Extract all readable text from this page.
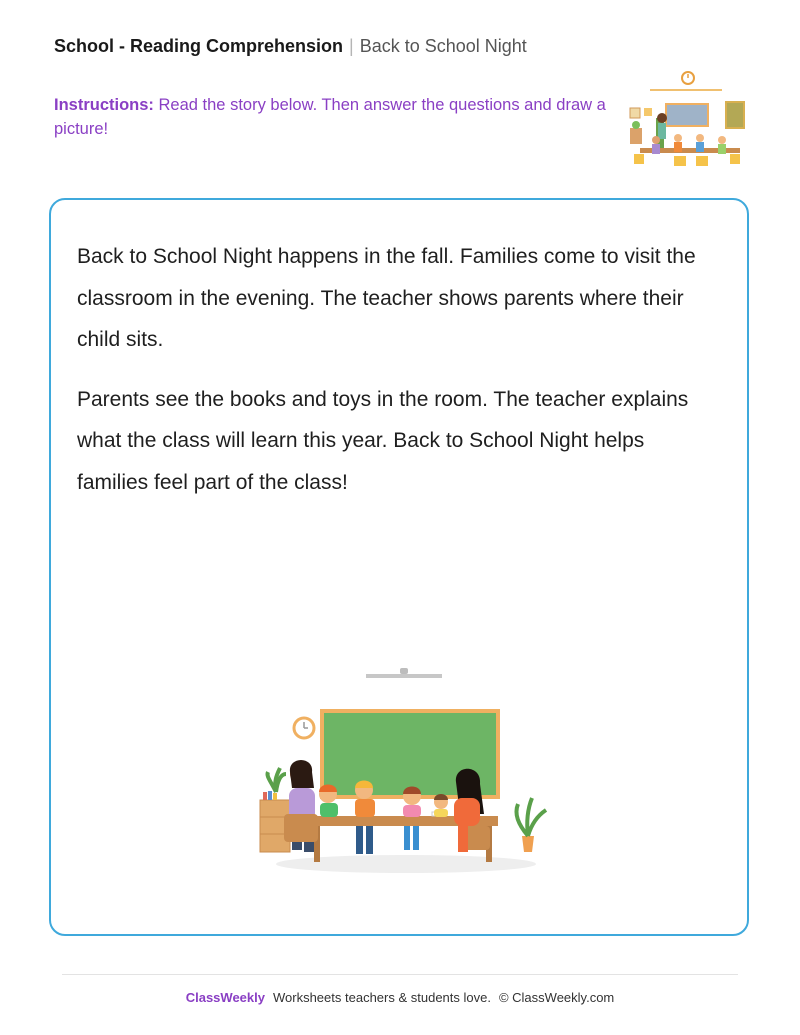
School - Reading Comprehension | Back to School Night
Instructions: Read the story below. Then answer the questions and draw a picture!

Back to School Night happens in the fall. Families come to visit the classroom in the evening. The teacher shows parents where their child sits.

Parents see the books and toys in the room. The teacher explains what the class will learn this year. Back to School Night helps families feel part of the class!

ClassWeekly Worksheets teachers & students love. © ClassWeekly.com
